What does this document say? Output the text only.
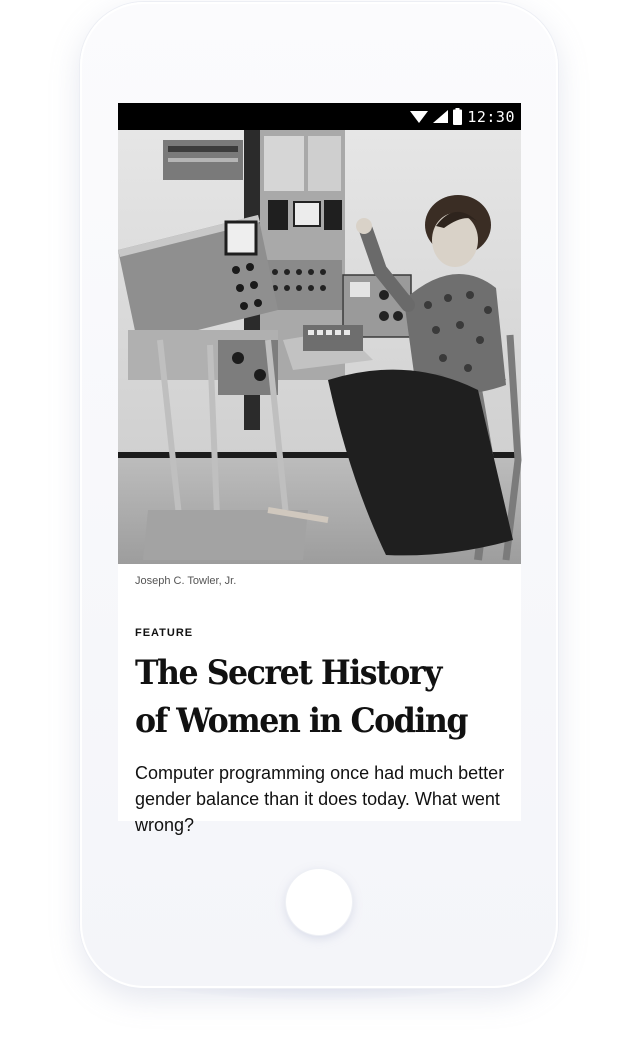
12:30
Joseph C. Towler, Jr.
FEATURE
The Secret History
of Women in Coding

Computer programming once had much better gender balance than it does today. What went wrong?
